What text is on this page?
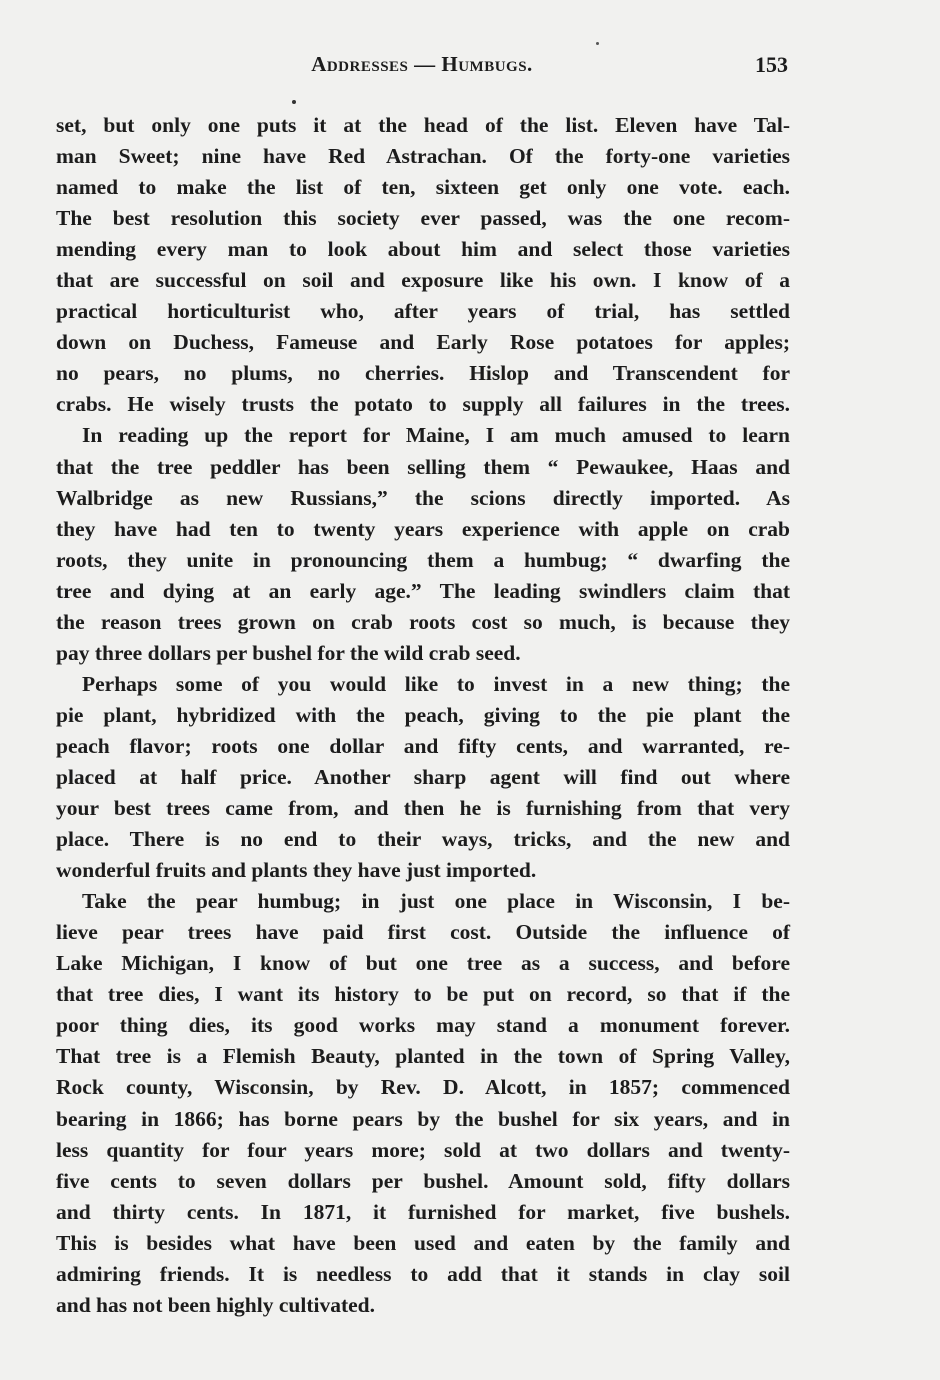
Addresses — Humbugs.	153
set, but only one puts it at the head of the list. Eleven have Tal-
man Sweet; nine have Red Astrachan. Of the forty-one varieties
named to make the list of ten, sixteen get only one vote. each.
The best resolution this society ever passed, was the one recom-
mending every man to look about him and select those varieties
that are successful on soil and exposure like his own. I know of a
practical horticulturist who, after years of trial, has settled
down on Duchess, Fameuse and Early Rose potatoes for apples;
no pears, no plums, no cherries. Hislop and Transcendent for
crabs. He wisely trusts the potato to supply all failures in the trees.
In reading up the report for Maine, I am much amused to learn
that the tree peddler has been selling them “ Pewaukee, Haas and
Walbridge as new Russians,” the scions directly imported. As
they have had ten to twenty years experience with apple on crab
roots, they unite in pronouncing them a humbug; “ dwarfing the
tree and dying at an early age.” The leading swindlers claim that
the reason trees grown on crab roots cost so much, is because they
pay three dollars per bushel for the wild crab seed.
Perhaps some of you would like to invest in a new thing; the
pie plant, hybridized with the peach, giving to the pie plant the
peach flavor; roots one dollar and fifty cents, and warranted, re-
placed at half price. Another sharp agent will find out where
your best trees came from, and then he is furnishing from that very
place. There is no end to their ways, tricks, and the new and
wonderful fruits and plants they have just imported.
Take the pear humbug; in just one place in Wisconsin, I be-
lieve pear trees have paid first cost. Outside the influence of
Lake Michigan, I know of but one tree as a success, and before
that tree dies, I want its history to be put on record, so that if the
poor thing dies, its good works may stand a monument forever.
That tree is a Flemish Beauty, planted in the town of Spring Valley,
Rock county, Wisconsin, by Rev. D. Alcott, in 1857; commenced
bearing in 1866; has borne pears by the bushel for six years, and in
less quantity for four years more; sold at two dollars and twenty-
five cents to seven dollars per bushel. Amount sold, fifty dollars
and thirty cents. In 1871, it furnished for market, five bushels.
This is besides what have been used and eaten by the family and
admiring friends. It is needless to add that it stands in clay soil
and has not been highly cultivated.
